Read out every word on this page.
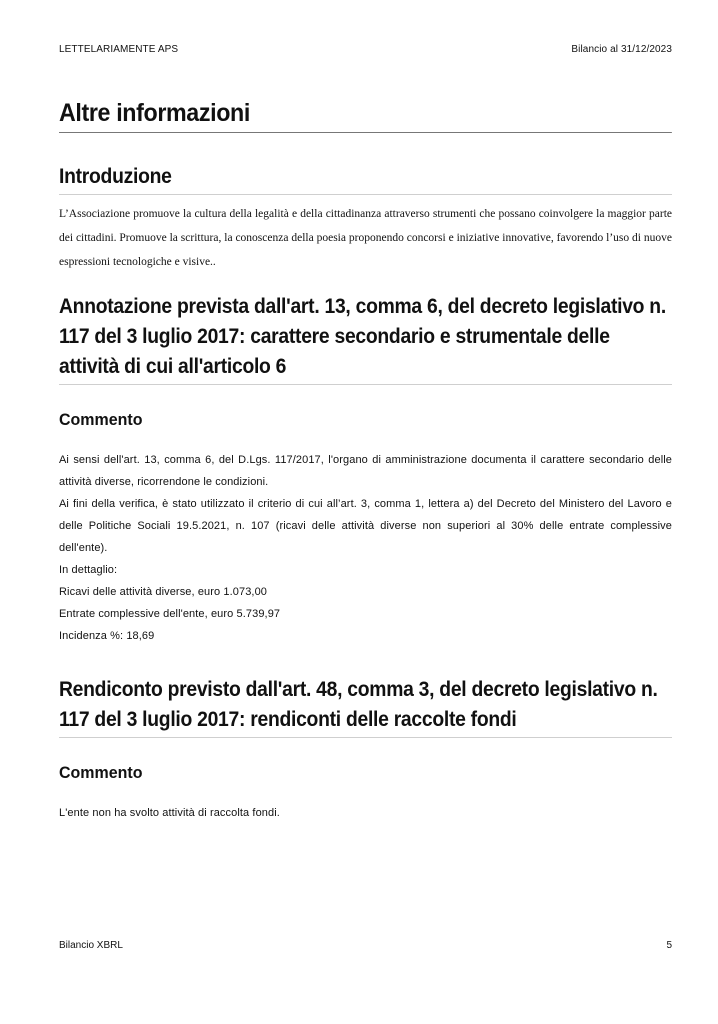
LETTELARIAMENTE APS	Bilancio al 31/12/2023
Altre informazioni
Introduzione
L’Associazione promuove la cultura della legalità e della cittadinanza attraverso strumenti che possano coinvolgere la maggior parte dei cittadini. Promuove la scrittura, la conoscenza della poesia proponendo concorsi e iniziative innovative, favorendo l’uso di nuove espressioni tecnologiche e visive..
Annotazione prevista dall'art. 13, comma 6, del decreto legislativo n. 117 del 3 luglio 2017: carattere secondario e strumentale delle attività di cui all'articolo 6
Commento

Ai sensi dell'art. 13, comma 6, del D.Lgs. 117/2017, l'organo di amministrazione documenta il carattere secondario delle attività diverse, ricorrendone le condizioni.

Ai fini della verifica, è stato utilizzato il criterio di cui all’art. 3, comma 1, lettera a) del Decreto del Ministero del Lavoro e delle Politiche Sociali 19.5.2021, n. 107 (ricavi delle attività diverse non superiori al 30% delle entrate complessive dell'ente).

In dettaglio:

Ricavi delle attività diverse, euro 1.073,00

Entrate complessive dell'ente, euro 5.739,97

Incidenza %: 18,69

Rendiconto previsto dall'art. 48, comma 3, del decreto legislativo n. 117 del 3 luglio 2017: rendiconti delle raccolte fondi
Commento

L'ente non ha svolto attività di raccolta fondi.

Bilancio XBRL	5
